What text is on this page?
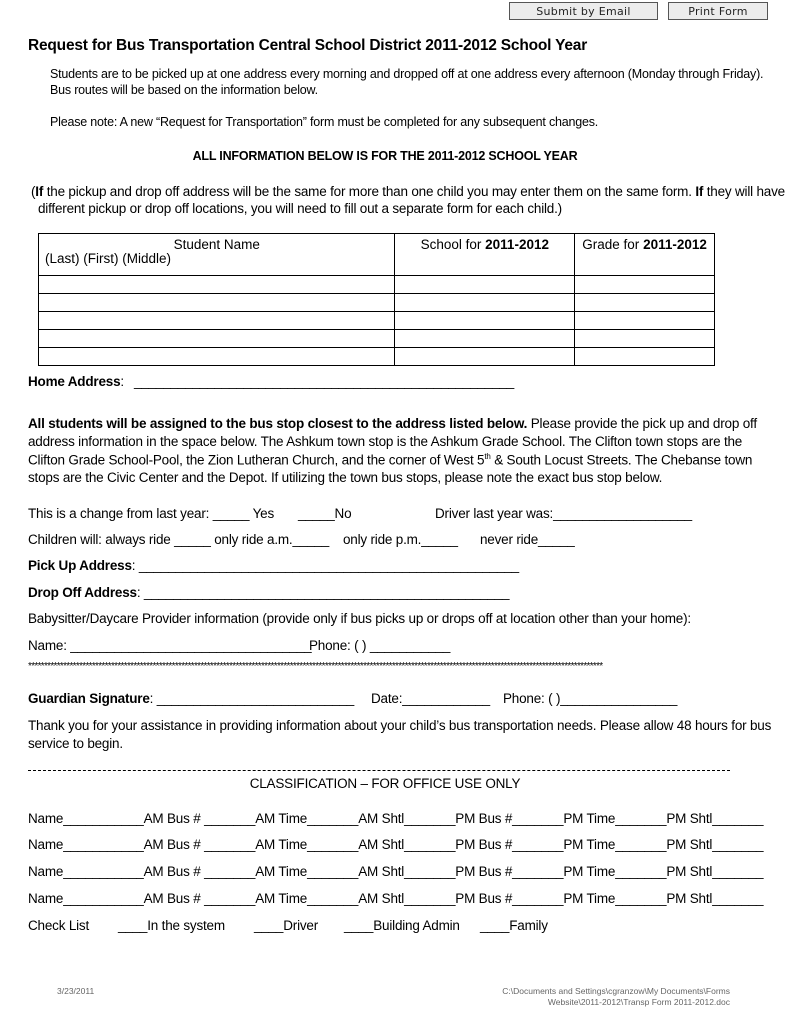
Submit by Email	Print Form
Request for Bus Transportation Central School District 2011-2012 School Year
Students are to be picked up at one address every morning and dropped off at one address every afternoon (Monday through Friday).
Bus routes will be based on the information below.
Please note: A new “Request for Transportation” form must be completed for any subsequent changes.
ALL INFORMATION BELOW IS FOR THE 2011-2012 SCHOOL YEAR
(If the pickup and drop off address will be the same for more than one child you may enter them on the same form. If they will have
different pickup or drop off locations, you will need to fill out a separate form for each child.)
Student Name
(Last) (First) (Middle)	School for 2011-2012	Grade for 2011-2012

Home Address: ____________________________________________________
All students will be assigned to the bus stop closest to the address listed below. Please provide the pick up and drop off
address information in the space below. The Ashkum town stop is the Ashkum Grade School. The Clifton town stops are the
Clifton Grade School-Pool, the Zion Lutheran Church, and the corner of West 5th & South Locust Streets. The Chebanse town
stops are the Civic Center and the Depot. If utilizing the town bus stops, please note the exact bus stop below.
This is a change from last year: _____ Yes _____No	Driver last year was:___________________
Children will: always ride _____ only ride a.m._____ only ride p.m._____ never ride_____
Pick Up Address: ____________________________________________________
Drop Off Address: __________________________________________________
Babysitter/Daycare Provider information (provide only if bus picks up or drops off at location other than your home):
Name: _________________________________
Phone: ( ) ___________
************************************************************************************************************************************************************************************
Guardian Signature: ___________________________ Date:____________ Phone: ( )________________
Thank you for your assistance in providing information about your child’s bus transportation needs. Please allow 48 hours for bus
service to begin.
CLASSIFICATION – FOR OFFICE USE ONLY
Name___________AM Bus # _______AM Time_______AM Shtl_______PM Bus #_______PM Time_______PM Shtl_______
Name___________AM Bus # _______AM Time_______AM Shtl_______PM Bus #_______PM Time_______PM Shtl_______
Name___________AM Bus # _______AM Time_______AM Shtl_______PM Bus #_______PM Time_______PM Shtl_______
Name___________AM Bus # _______AM Time_______AM Shtl_______PM Bus #_______PM Time_______PM Shtl_______
Check List ____In the system ____Driver ____Building Admin ____Family
3/23/2011	C:\Documents and Settings\cgranzow\My Documents\Forms
Website\2011-2012\Transp Form 2011-2012.doc
